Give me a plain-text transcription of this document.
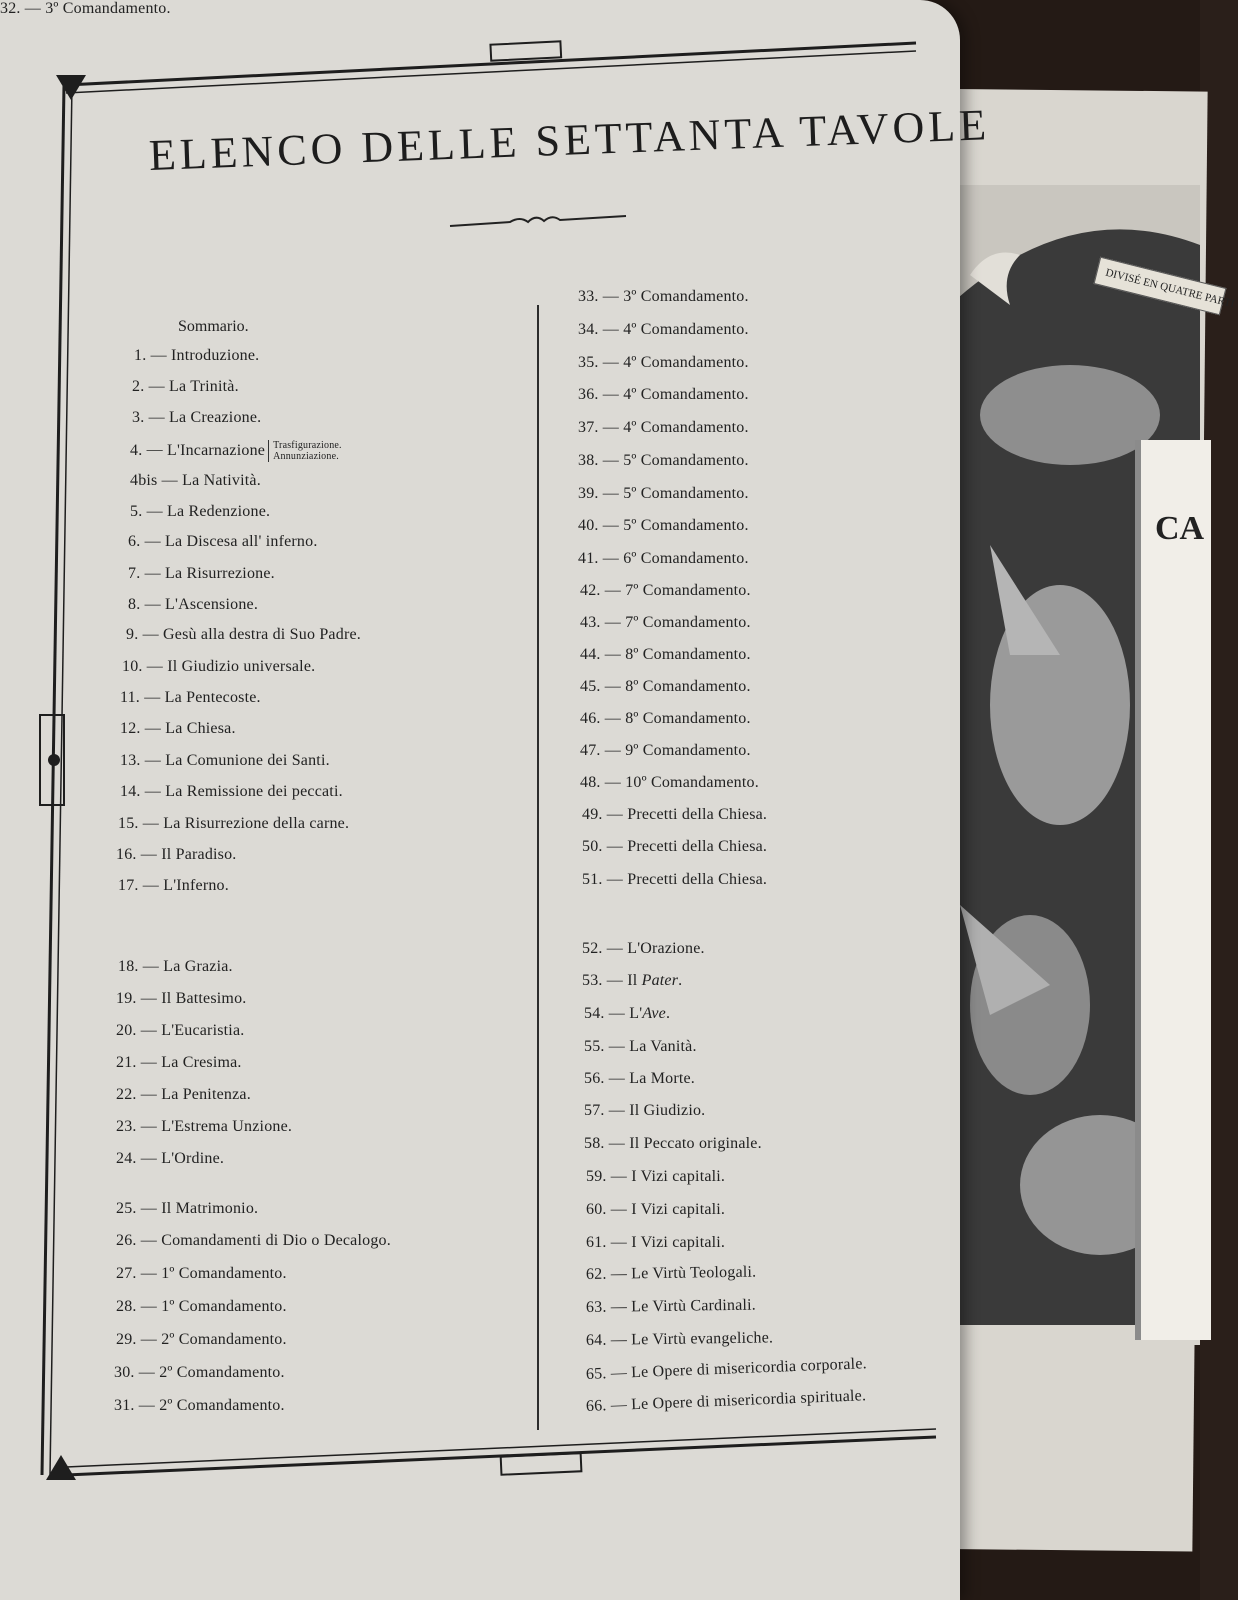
DIVISÉ EN QUATRE PARTI
CA
ELENCO DELLE SETTANTA TAVOLE
Sommario.
1. — Introduzione.
2. — La Trinità.
3. — La Creazione.
4. — L'Incarnazione Trasfigurazione.
Annunziazione.
4bis — La Natività.
5. — La Redenzione.
6. — La Discesa all' inferno.
7. — La Risurrezione.
8. — L'Ascensione.
9. — Gesù alla destra di Suo Padre.
10. — Il Giudizio universale.
11. — La Pentecoste.
12. — La Chiesa.
13. — La Comunione dei Santi.
14. — La Remissione dei peccati.
15. — La Risurrezione della carne.
16. — Il Paradiso.
17. — L'Inferno.
18. — La Grazia.
19. — Il Battesimo.
20. — L'Eucaristia.
21. — La Cresima.
22. — La Penitenza.
23. — L'Estrema Unzione.
24. — L'Ordine.
25. — Il Matrimonio.
26. — Comandamenti di Dio o Decalogo.
27. — 1º Comandamento.
28. — 1º Comandamento.
29. — 2º Comandamento.
30. — 2º Comandamento.
31. — 2º Comandamento.
32. — 3º Comandamento.
33. — 3º Comandamento.
34. — 4º Comandamento.
35. — 4º Comandamento.
36. — 4º Comandamento.
37. — 4º Comandamento.
38. — 5º Comandamento.
39. — 5º Comandamento.
40. — 5º Comandamento.
41. — 6º Comandamento.
42. — 7º Comandamento.
43. — 7º Comandamento.
44. — 8º Comandamento.
45. — 8º Comandamento.
46. — 8º Comandamento.
47. — 9º Comandamento.
48. — 10º Comandamento.
49. — Precetti della Chiesa.
50. — Precetti della Chiesa.
51. — Precetti della Chiesa.
52. — L'Orazione.
53. — Il Pater.
54. — L'Ave.
55. — La Vanità.
56. — La Morte.
57. — Il Giudizio.
58. — Il Peccato originale.
59. — I Vizi capitali.
60. — I Vizi capitali.
61. — I Vizi capitali.
62. — Le Virtù Teologali.
63. — Le Virtù Cardinali.
64. — Le Virtù evangeliche.
65. — Le Opere di misericordia corporale.
66. — Le Opere di misericordia spirituale.
